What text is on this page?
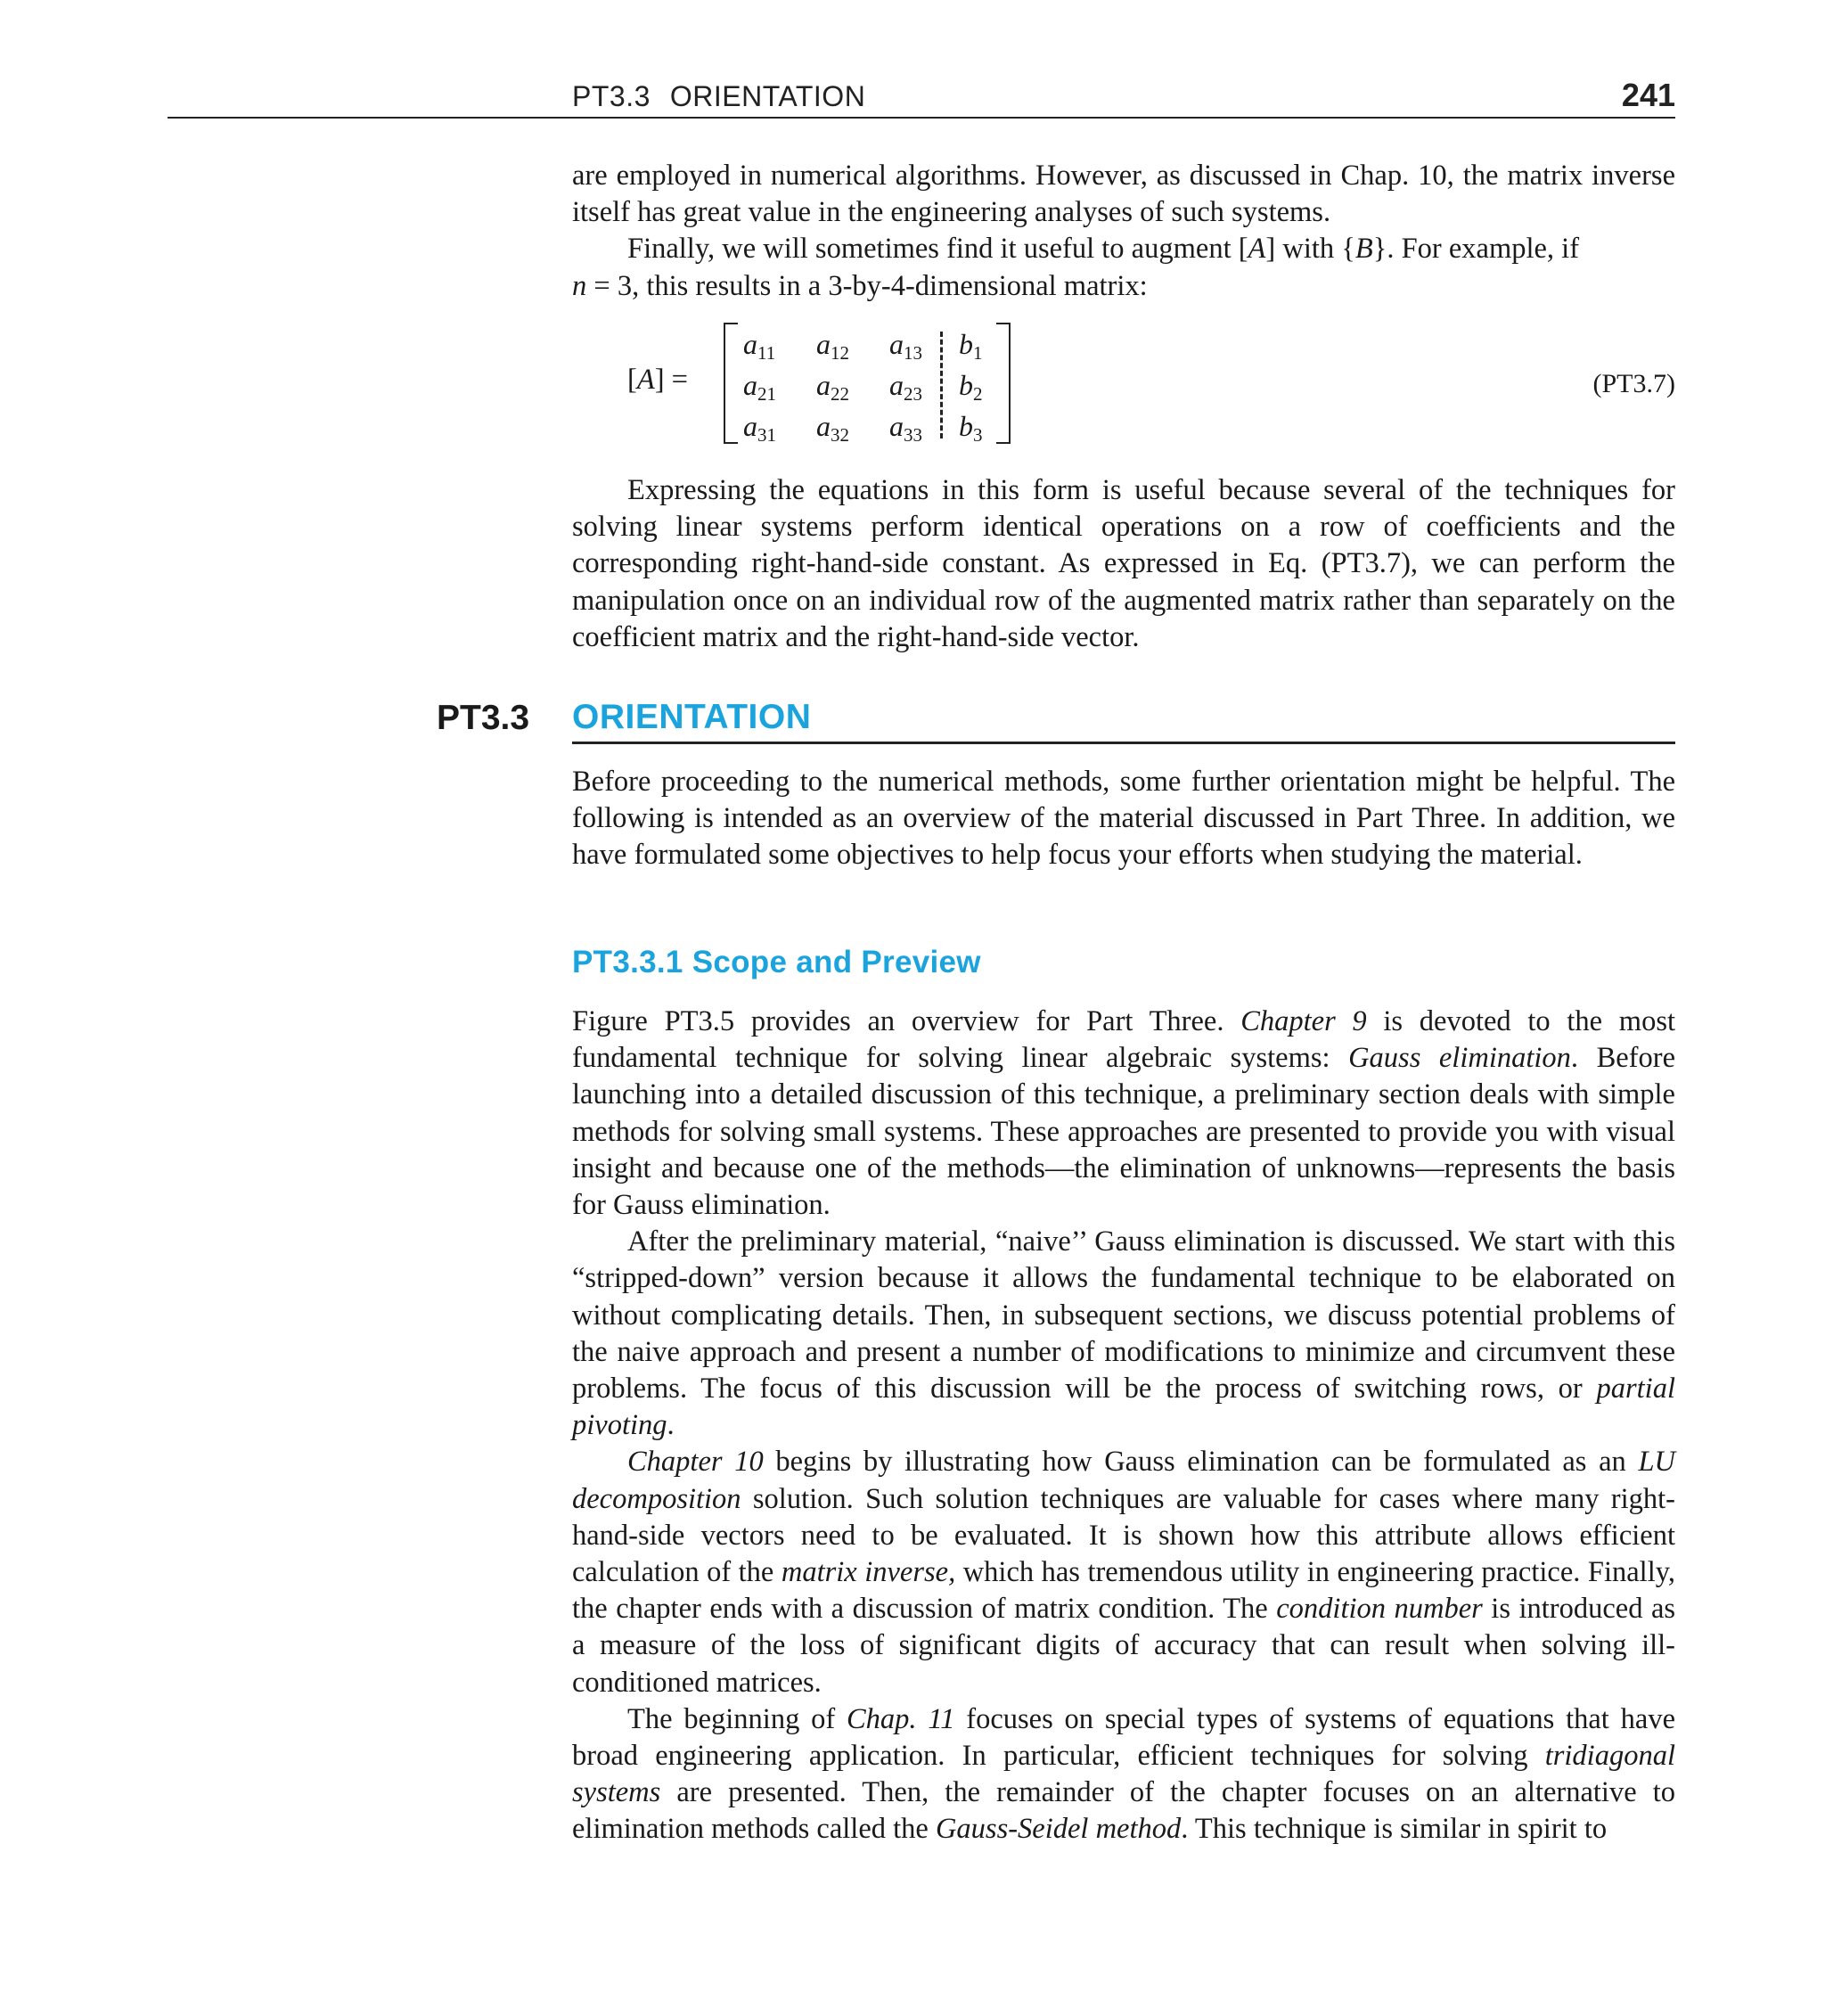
PT3.3 ORIENTATION	241

are employed in numerical algorithms. However, as discussed in Chap. 10, the matrix inverse itself has great value in the engineering analyses of such systems.

Finally, we will sometimes find it useful to augment [A] with {B}. For example, if
n = 3, this results in a 3-by-4-dimensional matrix:

[A] =
$a_{11}$ $a_{12}$ $a_{13}$ $b_1$
$a_{21}$ $a_{22}$ $a_{23}$ $b_2$
$a_{31}$ $a_{32}$ $a_{33}$ $b_3$
(PT3.7)

Expressing the equations in this form is useful because several of the techniques for solving linear systems perform identical operations on a row of coefficients and the corresponding right-hand-side constant. As expressed in Eq. (PT3.7), we can perform the manipulation once on an individual row of the augmented matrix rather than separately on the coefficient matrix and the right-hand-side vector.

PT3.3 ORIENTATION

Before proceeding to the numerical methods, some further orientation might be helpful. The following is intended as an overview of the material discussed in Part Three. In addition, we have formulated some objectives to help focus your efforts when studying the material.

PT3.3.1 Scope and Preview

Figure PT3.5 provides an overview for Part Three. Chapter 9 is devoted to the most fundamental technique for solving linear algebraic systems: Gauss elimination. Before launching into a detailed discussion of this technique, a preliminary section deals with simple methods for solving small systems. These approaches are presented to provide you with visual insight and because one of the methods—the elimination of unknowns—represents the basis for Gauss elimination.

After the preliminary material, “naive’’ Gauss elimination is discussed. We start with this “stripped-down” version because it allows the fundamental technique to be elaborated on without complicating details. Then, in subsequent sections, we discuss potential problems of the naive approach and present a number of modifications to minimize and circumvent these problems. The focus of this discussion will be the process of switching rows, or partial pivoting.

Chapter 10 begins by illustrating how Gauss elimination can be formulated as an LU decomposition solution. Such solution techniques are valuable for cases where many right-hand-side vectors need to be evaluated. It is shown how this attribute allows efficient calculation of the matrix inverse, which has tremendous utility in engineering practice. Finally, the chapter ends with a discussion of matrix condition. The condition number is introduced as a measure of the loss of significant digits of accuracy that can result when solving ill-conditioned matrices.

The beginning of Chap. 11 focuses on special types of systems of equations that have broad engineering application. In particular, efficient techniques for solving tridiagonal systems are presented. Then, the remainder of the chapter focuses on an alternative to elimination methods called the Gauss-Seidel method. This technique is similar in spirit to
